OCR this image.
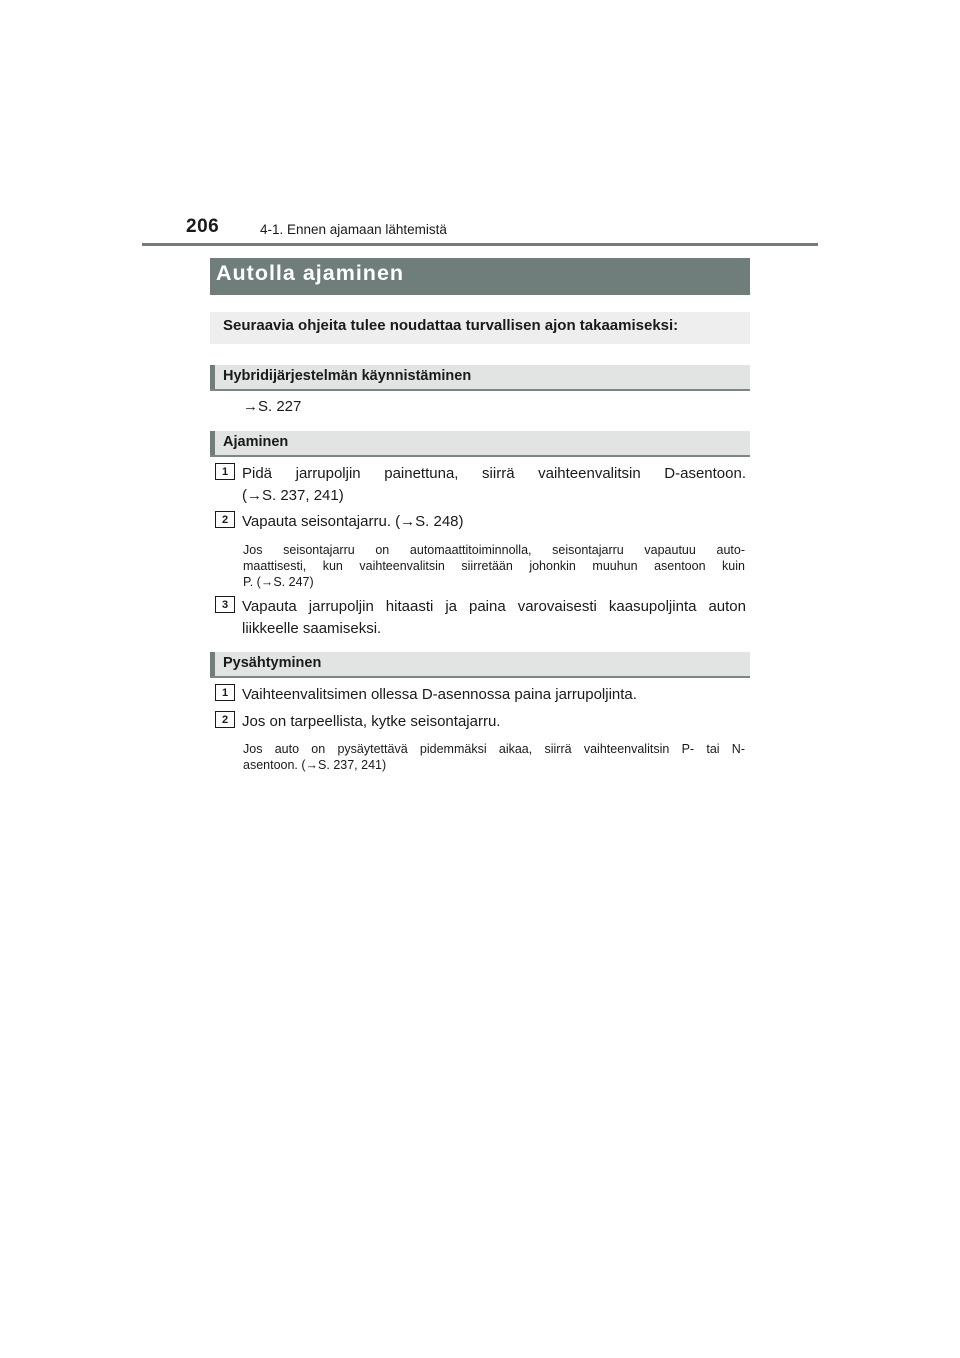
206	4-1. Ennen ajamaan lähtemistä
Autolla ajaminen
Seuraavia ohjeita tulee noudattaa turvallisen ajon takaamiseksi:
Hybridijärjestelmän käynnistäminen
→S. 227
Ajaminen
1 Pidä jarrupoljin painettuna, siirrä vaihteenvalitsin D-asentoon.
(→S. 237, 241)
2 Vapauta seisontajarru. (→S. 248)
Jos seisontajarru on automaattitoiminnolla, seisontajarru vapautuu auto-
maattisesti, kun vaihteenvalitsin siirretään johonkin muuhun asentoon kuin
P. (→S. 247)
3 Vapauta jarrupoljin hitaasti ja paina varovaisesti kaasupoljinta auton
liikkeelle saamiseksi.
Pysähtyminen
1 Vaihteenvalitsimen ollessa D-asennossa paina jarrupoljinta.
2 Jos on tarpeellista, kytke seisontajarru.
Jos auto on pysäytettävä pidemmäksi aikaa, siirrä vaihteenvalitsin P- tai N-
asentoon. (→S. 237, 241)
